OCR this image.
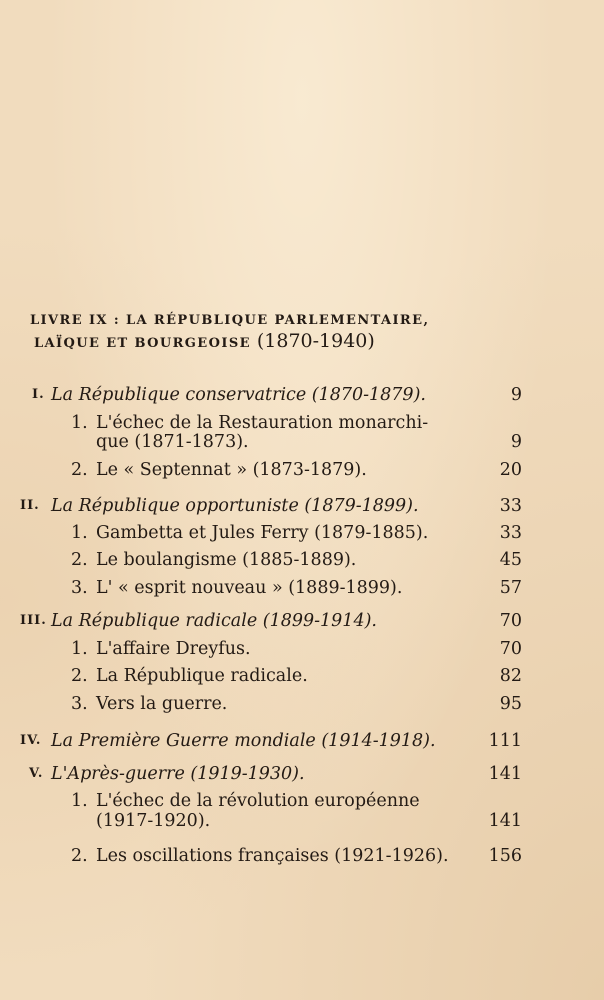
LIVRE IX : LA RÉPUBLIQUE PARLEMENTAIRE,
LAÏQUE ET BOURGEOISE (1870-1940)
I. La République conservatrice (1870-1879).	9
1. L'échec de la Restauration monarchi-
que (1871-1873).	9
2. Le « Septennat » (1873-1879).	20
II. La République opportuniste (1879-1899).	33
1. Gambetta et Jules Ferry (1879-1885).	33
2. Le boulangisme (1885-1889).	45
3. L' « esprit nouveau » (1889-1899).	57
III. La République radicale (1899-1914).	70
1. L'affaire Dreyfus.	70
2. La République radicale.	82
3. Vers la guerre.	95
IV. La Première Guerre mondiale (1914-1918).	111
V. L'Après-guerre (1919-1930).	141
1. L'échec de la révolution européenne
(1917-1920).	141
2. Les oscillations françaises (1921-1926). 156
